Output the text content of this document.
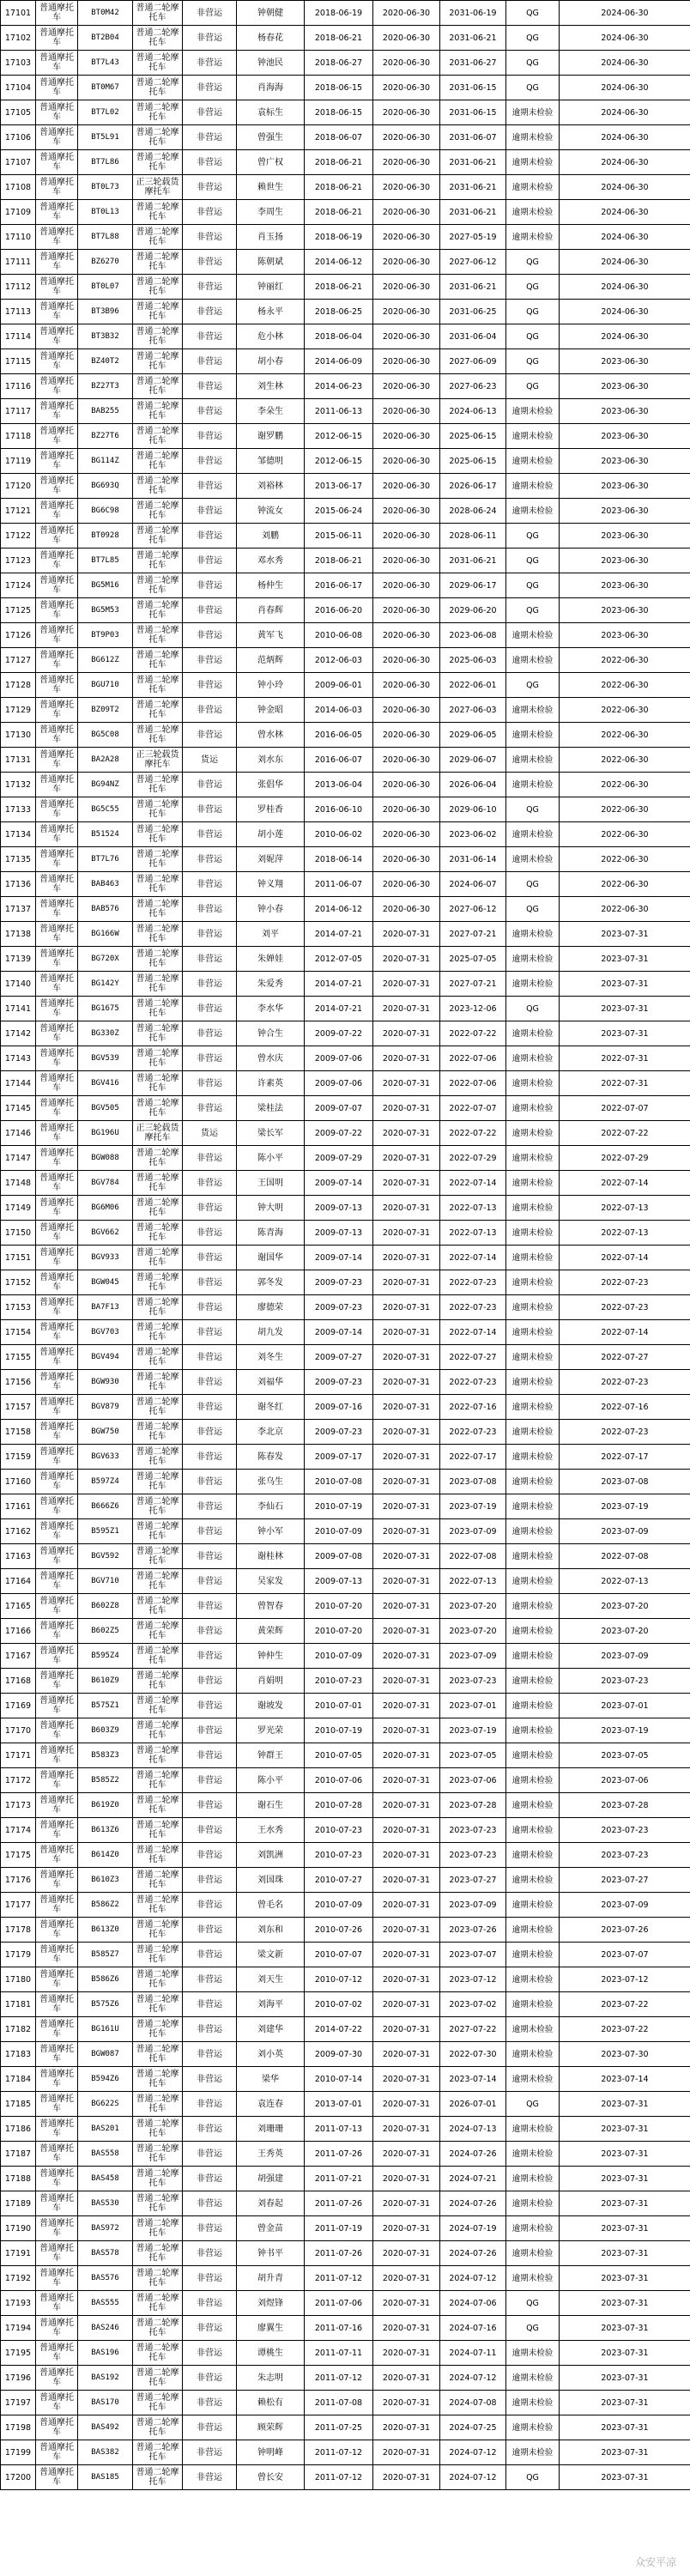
17101	普通摩托车	BT0M42	普通二轮摩托车	非营运	钟朝健	2018-06-19	2020-06-30	2031-06-19	QG	2024-06-30
17102	普通摩托车	BT2B04	普通二轮摩托车	非营运	杨春花	2018-06-21	2020-06-30	2031-06-21	QG	2024-06-30
17103	普通摩托车	BT7L43	普通二轮摩托车	非营运	钟池民	2018-06-27	2020-06-30	2031-06-27	QG	2024-06-30
17104	普通摩托车	BT0M67	普通二轮摩托车	非营运	肖海海	2018-06-15	2020-06-30	2031-06-15	QG	2024-06-30
17105	普通摩托车	BT7L02	普通二轮摩托车	非营运	袁标生	2018-06-15	2020-06-30	2031-06-15	逾期未检验	2024-06-30
17106	普通摩托车	BT5L91	普通二轮摩托车	非营运	曾强生	2018-06-07	2020-06-30	2031-06-07	逾期未检验	2024-06-30
17107	普通摩托车	BT7L86	普通二轮摩托车	非营运	曾广权	2018-06-21	2020-06-30	2031-06-21	逾期未检验	2024-06-30
17108	普通摩托车	BT0L73	正三轮载货摩托车	非营运	赖世生	2018-06-21	2020-06-30	2031-06-21	逾期未检验	2024-06-30
17109	普通摩托车	BT0L13	普通二轮摩托车	非营运	李周生	2018-06-21	2020-06-30	2031-06-21	逾期未检验	2024-06-30
17110	普通摩托车	BT7L88	普通二轮摩托车	非营运	肖玉扬	2018-06-19	2020-06-30	2027-05-19	逾期未检验	2024-06-30
17111	普通摩托车	BZ6270	普通二轮摩托车	非营运	陈朝斌	2014-06-12	2020-06-30	2027-06-12	QG	2024-06-30
17112	普通摩托车	BT0L07	普通二轮摩托车	非营运	钟丽红	2018-06-21	2020-06-30	2031-06-21	QG	2024-06-30
17113	普通摩托车	BT3B96	普通二轮摩托车	非营运	杨永平	2018-06-25	2020-06-30	2031-06-25	QG	2024-06-30
17114	普通摩托车	BT3B32	普通二轮摩托车	非营运	危小林	2018-06-04	2020-06-30	2031-06-04	QG	2024-06-30
17115	普通摩托车	BZ40T2	普通二轮摩托车	非营运	胡小春	2014-06-09	2020-06-30	2027-06-09	QG	2023-06-30
17116	普通摩托车	BZ27T3	普通二轮摩托车	非营运	刘生林	2014-06-23	2020-06-30	2027-06-23	QG	2023-06-30
17117	普通摩托车	BAB255	普通二轮摩托车	非营运	李朵生	2011-06-13	2020-06-30	2024-06-13	逾期未检验	2023-06-30
17118	普通摩托车	BZ27T6	普通二轮摩托车	非营运	谢罗鹏	2012-06-15	2020-06-30	2025-06-15	逾期未检验	2023-06-30
17119	普通摩托车	BG114Z	普通二轮摩托车	非营运	邹德明	2012-06-15	2020-06-30	2025-06-15	逾期未检验	2023-06-30
17120	普通摩托车	BG693Q	普通二轮摩托车	非营运	刘裕林	2013-06-17	2020-06-30	2026-06-17	逾期未检验	2023-06-30
17121	普通摩托车	BG6C98	普通二轮摩托车	非营运	钟流女	2015-06-24	2020-06-30	2028-06-24	逾期未检验	2023-06-30
17122	普通摩托车	BT0928	普通二轮摩托车	非营运	刘鹏	2015-06-11	2020-06-30	2028-06-11	QG	2023-06-30
17123	普通摩托车	BT7L85	普通二轮摩托车	非营运	邓水秀	2018-06-21	2020-06-30	2031-06-21	QG	2023-06-30
17124	普通摩托车	BG5M16	普通二轮摩托车	非营运	杨仲生	2016-06-17	2020-06-30	2029-06-17	QG	2023-06-30
17125	普通摩托车	BG5M53	普通二轮摩托车	非营运	肖春辉	2016-06-20	2020-06-30	2029-06-20	QG	2023-06-30
17126	普通摩托车	BT9P03	普通二轮摩托车	非营运	黄军飞	2010-06-08	2020-06-30	2023-06-08	逾期未检验	2023-06-30
17127	普通摩托车	BG612Z	普通二轮摩托车	非营运	范炳辉	2012-06-03	2020-06-30	2025-06-03	逾期未检验	2022-06-30
17128	普通摩托车	BGU710	普通二轮摩托车	非营运	钟小玲	2009-06-01	2020-06-30	2022-06-01	QG	2022-06-30
17129	普通摩托车	BZ09T2	普通二轮摩托车	非营运	钟金昭	2014-06-03	2020-06-30	2027-06-03	逾期未检验	2022-06-30
17130	普通摩托车	BG5C08	普通二轮摩托车	非营运	曾水林	2016-06-05	2020-06-30	2029-06-05	逾期未检验	2022-06-30
17131	普通摩托车	BA2A28	正三轮载货摩托车	货运	刘水东	2016-06-07	2020-06-30	2029-06-07	逾期未检验	2022-06-30
17132	普通摩托车	BG94NZ	普通二轮摩托车	非营运	张倡华	2013-06-04	2020-06-30	2026-06-04	逾期未检验	2022-06-30
17133	普通摩托车	BG5C55	普通二轮摩托车	非营运	罗桂香	2016-06-10	2020-06-30	2029-06-10	QG	2022-06-30
17134	普通摩托车	B51524	普通二轮摩托车	非营运	胡小莲	2010-06-02	2020-06-30	2023-06-02	逾期未检验	2022-06-30
17135	普通摩托车	BT7L76	普通二轮摩托车	非营运	刘妮萍	2018-06-14	2020-06-30	2031-06-14	逾期未检验	2022-06-30
17136	普通摩托车	BAB463	普通二轮摩托车	非营运	钟义翔	2011-06-07	2020-06-30	2024-06-07	QG	2022-06-30
17137	普通摩托车	BAB576	普通二轮摩托车	非营运	钟小春	2014-06-12	2020-06-30	2027-06-12	QG	2022-06-30
17138	普通摩托车	BG166W	普通二轮摩托车	非营运	刘平	2014-07-21	2020-07-31	2027-07-21	逾期未检验	2023-07-31
17139	普通摩托车	BG720X	普通二轮摩托车	非营运	朱婵娃	2012-07-05	2020-07-31	2025-07-05	逾期未检验	2023-07-31
17140	普通摩托车	BG142Y	普通二轮摩托车	非营运	朱爱秀	2014-07-21	2020-07-31	2027-07-21	逾期未检验	2023-07-31
17141	普通摩托车	BG1675	普通二轮摩托车	非营运	李水华	2014-07-21	2020-07-31	2023-12-06	QG	2023-07-31
17142	普通摩托车	BG330Z	普通二轮摩托车	非营运	钟合生	2009-07-22	2020-07-31	2022-07-22	逾期未检验	2023-07-31
17143	普通摩托车	BGV539	普通二轮摩托车	非营运	曾水庆	2009-07-06	2020-07-31	2022-07-06	逾期未检验	2022-07-31
17144	普通摩托车	BGV416	普通二轮摩托车	非营运	许素英	2009-07-06	2020-07-31	2022-07-06	逾期未检验	2022-07-31
17145	普通摩托车	BGV505	普通二轮摩托车	非营运	梁桂法	2009-07-07	2020-07-31	2022-07-07	逾期未检验	2022-07-07
17146	普通摩托车	BG196U	正三轮载货摩托车	货运	梁长军	2009-07-22	2020-07-31	2022-07-22	逾期未检验	2022-07-22
17147	普通摩托车	BGW088	普通二轮摩托车	非营运	陈小平	2009-07-29	2020-07-31	2022-07-29	逾期未检验	2022-07-29
17148	普通摩托车	BGV784	普通二轮摩托车	非营运	王国明	2009-07-14	2020-07-31	2022-07-14	逾期未检验	2022-07-14
17149	普通摩托车	BG6M06	普通二轮摩托车	非营运	钟大明	2009-07-13	2020-07-31	2022-07-13	逾期未检验	2022-07-13
17150	普通摩托车	BGV662	普通二轮摩托车	非营运	陈青海	2009-07-13	2020-07-31	2022-07-13	逾期未检验	2022-07-13
17151	普通摩托车	BGV933	普通二轮摩托车	非营运	谢国华	2009-07-14	2020-07-31	2022-07-14	逾期未检验	2022-07-14
17152	普通摩托车	BGW045	普通二轮摩托车	非营运	郭冬发	2009-07-23	2020-07-31	2022-07-23	逾期未检验	2022-07-23
17153	普通摩托车	BA7F13	普通二轮摩托车	非营运	廖德荣	2009-07-23	2020-07-31	2022-07-23	逾期未检验	2022-07-23
17154	普通摩托车	BGV703	普通二轮摩托车	非营运	胡九发	2009-07-14	2020-07-31	2022-07-14	逾期未检验	2022-07-14
17155	普通摩托车	BGV494	普通二轮摩托车	非营运	刘冬生	2009-07-27	2020-07-31	2022-07-27	逾期未检验	2022-07-27
17156	普通摩托车	BGW930	普通二轮摩托车	非营运	刘福华	2009-07-23	2020-07-31	2022-07-23	逾期未检验	2022-07-23
17157	普通摩托车	BGV879	普通二轮摩托车	非营运	谢冬红	2009-07-16	2020-07-31	2022-07-16	逾期未检验	2022-07-16
17158	普通摩托车	BGW750	普通二轮摩托车	非营运	李北京	2009-07-23	2020-07-31	2022-07-23	逾期未检验	2022-07-23
17159	普通摩托车	BGV633	普通二轮摩托车	非营运	陈春发	2009-07-17	2020-07-31	2022-07-17	逾期未检验	2022-07-17
17160	普通摩托车	B597Z4	普通二轮摩托车	非营运	张乌生	2010-07-08	2020-07-31	2023-07-08	逾期未检验	2023-07-08
17161	普通摩托车	B666Z6	普通二轮摩托车	非营运	李仙石	2010-07-19	2020-07-31	2023-07-19	逾期未检验	2023-07-19
17162	普通摩托车	B595Z1	普通二轮摩托车	非营运	钟小军	2010-07-09	2020-07-31	2023-07-09	逾期未检验	2023-07-09
17163	普通摩托车	BGV592	普通二轮摩托车	非营运	谢桂林	2009-07-08	2020-07-31	2022-07-08	逾期未检验	2022-07-08
17164	普通摩托车	BGV710	普通二轮摩托车	非营运	吴家发	2009-07-13	2020-07-31	2022-07-13	逾期未检验	2022-07-13
17165	普通摩托车	B602Z8	普通二轮摩托车	非营运	曾智春	2010-07-20	2020-07-31	2023-07-20	逾期未检验	2023-07-20
17166	普通摩托车	B602Z5	普通二轮摩托车	非营运	黄荣辉	2010-07-20	2020-07-31	2023-07-20	逾期未检验	2023-07-20
17167	普通摩托车	B595Z4	普通二轮摩托车	非营运	钟仲生	2010-07-09	2020-07-31	2023-07-09	逾期未检验	2023-07-09
17168	普通摩托车	B610Z9	普通二轮摩托车	非营运	肖娟明	2010-07-23	2020-07-31	2023-07-23	逾期未检验	2023-07-23
17169	普通摩托车	B575Z1	普通二轮摩托车	非营运	谢坡发	2010-07-01	2020-07-31	2023-07-01	逾期未检验	2023-07-01
17170	普通摩托车	B603Z9	普通二轮摩托车	非营运	罗光荣	2010-07-19	2020-07-31	2023-07-19	逾期未检验	2023-07-19
17171	普通摩托车	B583Z3	普通二轮摩托车	非营运	钟群王	2010-07-05	2020-07-31	2023-07-05	逾期未检验	2023-07-05
17172	普通摩托车	B585Z2	普通二轮摩托车	非营运	陈小平	2010-07-06	2020-07-31	2023-07-06	逾期未检验	2023-07-06
17173	普通摩托车	B619Z0	普通二轮摩托车	非营运	谢石生	2010-07-28	2020-07-31	2023-07-28	逾期未检验	2023-07-28
17174	普通摩托车	B613Z6	普通二轮摩托车	非营运	王水秀	2010-07-23	2020-07-31	2023-07-23	逾期未检验	2023-07-23
17175	普通摩托车	B614Z0	普通二轮摩托车	非营运	刘凯洲	2010-07-23	2020-07-31	2023-07-23	逾期未检验	2023-07-23
17176	普通摩托车	B610Z3	普通二轮摩托车	非营运	刘国珠	2010-07-27	2020-07-31	2023-07-27	逾期未检验	2023-07-27
17177	普通摩托车	B586Z2	普通二轮摩托车	非营运	曾毛名	2010-07-09	2020-07-31	2023-07-09	逾期未检验	2023-07-09
17178	普通摩托车	B613Z0	普通二轮摩托车	非营运	刘东和	2010-07-26	2020-07-31	2023-07-26	逾期未检验	2023-07-26
17179	普通摩托车	B585Z7	普通二轮摩托车	非营运	梁文新	2010-07-07	2020-07-31	2023-07-07	逾期未检验	2023-07-07
17180	普通摩托车	B586Z6	普通二轮摩托车	非营运	刘天生	2010-07-12	2020-07-31	2023-07-12	逾期未检验	2023-07-12
17181	普通摩托车	B575Z6	普通二轮摩托车	非营运	刘海平	2010-07-02	2020-07-31	2023-07-02	逾期未检验	2023-07-22
17182	普通摩托车	BG161U	普通二轮摩托车	非营运	刘建华	2014-07-22	2020-07-31	2027-07-22	逾期未检验	2023-07-22
17183	普通摩托车	BGW087	普通二轮摩托车	非营运	刘小英	2009-07-30	2020-07-31	2022-07-30	逾期未检验	2023-07-30
17184	普通摩托车	B594Z6	普通二轮摩托车	非营运	梁华	2010-07-14	2020-07-31	2023-07-14	逾期未检验	2023-07-14
17185	普通摩托车	BG622S	普通二轮摩托车	非营运	袁连春	2013-07-01	2020-07-31	2026-07-01	QG	2023-07-31
17186	普通摩托车	BAS201	普通二轮摩托车	非营运	刘珊珊	2011-07-13	2020-07-31	2024-07-13	逾期未检验	2023-07-31
17187	普通摩托车	BAS558	普通二轮摩托车	非营运	王秀英	2011-07-26	2020-07-31	2024-07-26	逾期未检验	2023-07-31
17188	普通摩托车	BAS458	普通二轮摩托车	非营运	胡强建	2011-07-21	2020-07-31	2024-07-21	逾期未检验	2023-07-31
17189	普通摩托车	BAS530	普通二轮摩托车	非营运	刘春起	2011-07-26	2020-07-31	2024-07-26	逾期未检验	2023-07-31
17190	普通摩托车	BAS972	普通二轮摩托车	非营运	曾金苗	2011-07-19	2020-07-31	2024-07-19	逾期未检验	2023-07-31
17191	普通摩托车	BAS578	普通二轮摩托车	非营运	钟书平	2011-07-26	2020-07-31	2024-07-26	逾期未检验	2023-07-31
17192	普通摩托车	BAS576	普通二轮摩托车	非营运	胡升青	2011-07-12	2020-07-31	2024-07-12	逾期未检验	2023-07-31
17193	普通摩托车	BAS555	普通二轮摩托车	非营运	刘煜锋	2011-07-06	2020-07-31	2024-07-06	QG	2023-07-31
17194	普通摩托车	BAS246	普通二轮摩托车	非营运	廖翼生	2011-07-16	2020-07-31	2024-07-16	QG	2023-07-31
17195	普通摩托车	BAS196	普通二轮摩托车	非营运	谭桃生	2011-07-11	2020-07-31	2024-07-11	逾期未检验	2023-07-31
17196	普通摩托车	BAS192	普通二轮摩托车	非营运	朱志明	2011-07-12	2020-07-31	2024-07-12	逾期未检验	2023-07-31
17197	普通摩托车	BAS170	普通二轮摩托车	非营运	赖松有	2011-07-08	2020-07-31	2024-07-08	逾期未检验	2023-07-31
17198	普通摩托车	BAS492	普通二轮摩托车	非营运	顾荣辉	2011-07-25	2020-07-31	2024-07-25	逾期未检验	2023-07-31
17199	普通摩托车	BAS382	普通二轮摩托车	非营运	钟明峰	2011-07-12	2020-07-31	2024-07-12	逾期未检验	2023-07-31
17200	普通摩托车	BAS185	普通二轮摩托车	非营运	曾长安	2011-07-12	2020-07-31	2024-07-12	QG	2023-07-31
众安平凉
